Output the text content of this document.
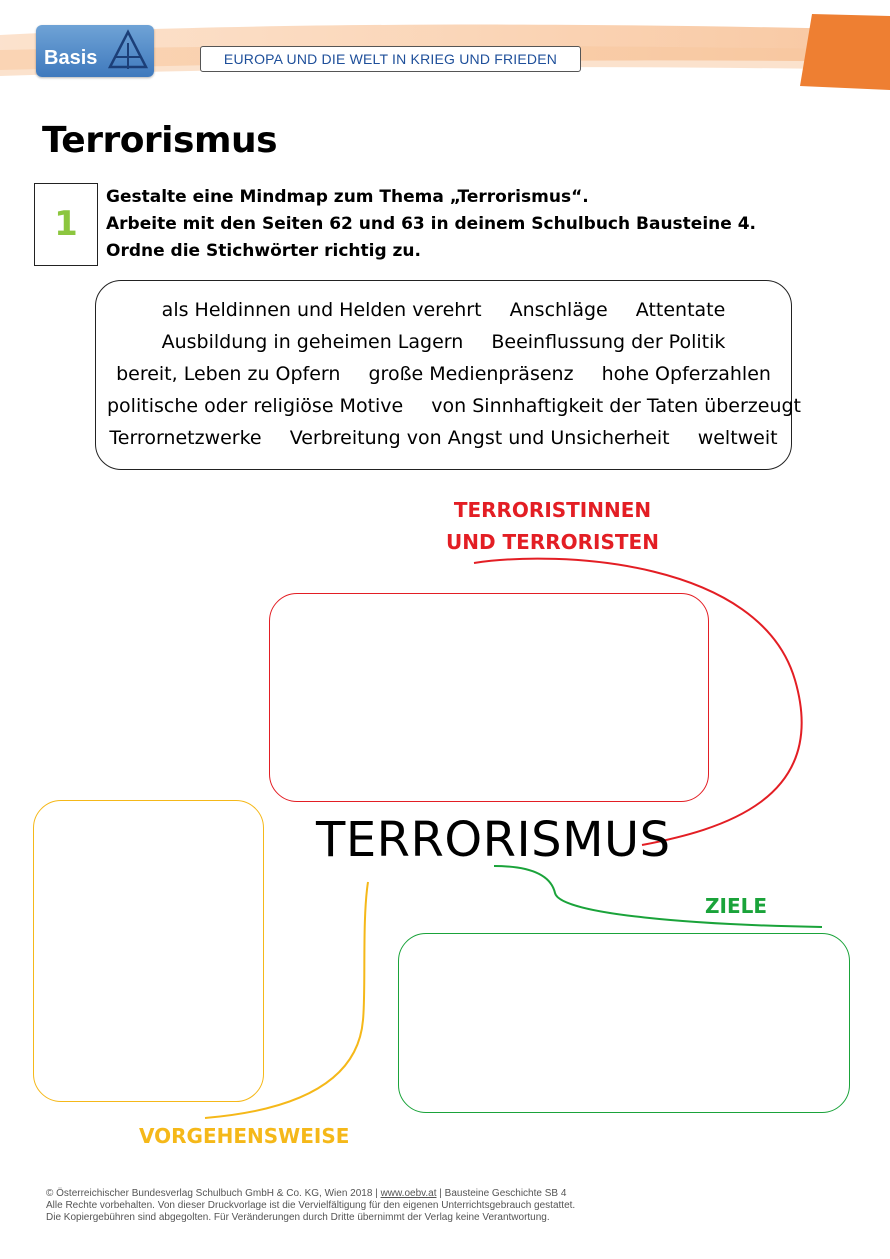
Basis	EUROPA UND DIE WELT IN KRIEG UND FRIEDEN
Terrorismus
1
Gestalte eine Mindmap zum Thema „Terrorismus“.
Arbeite mit den Seiten 62 und 63 in deinem Schulbuch Bausteine 4.
Ordne die Stichwörter richtig zu.
als Heldinnen und Helden verehrt Anschläge Attentate
Ausbildung in geheimen Lagern Beeinflussung der Politik
bereit, Leben zu Opfern große Medienpräsenz hohe Opferzahlen
politische oder religiöse Motive von Sinnhaftigkeit der Taten überzeugt
Terrornetzwerke Verbreitung von Angst und Unsicherheit weltweit
TERRORISTINNEN
UND TERRORISTEN
TERRORISMUS
ZIELE
VORGEHENSWEISE
© Österreichischer Bundesverlag Schulbuch GmbH & Co. KG, Wien 2018 | www.oebv.at | Bausteine Geschichte SB 4
Alle Rechte vorbehalten. Von dieser Druckvorlage ist die Vervielfältigung für den eigenen Unterrichtsgebrauch gestattet.
Die Kopiergebühren sind abgegolten. Für Veränderungen durch Dritte übernimmt der Verlag keine Verantwortung.
